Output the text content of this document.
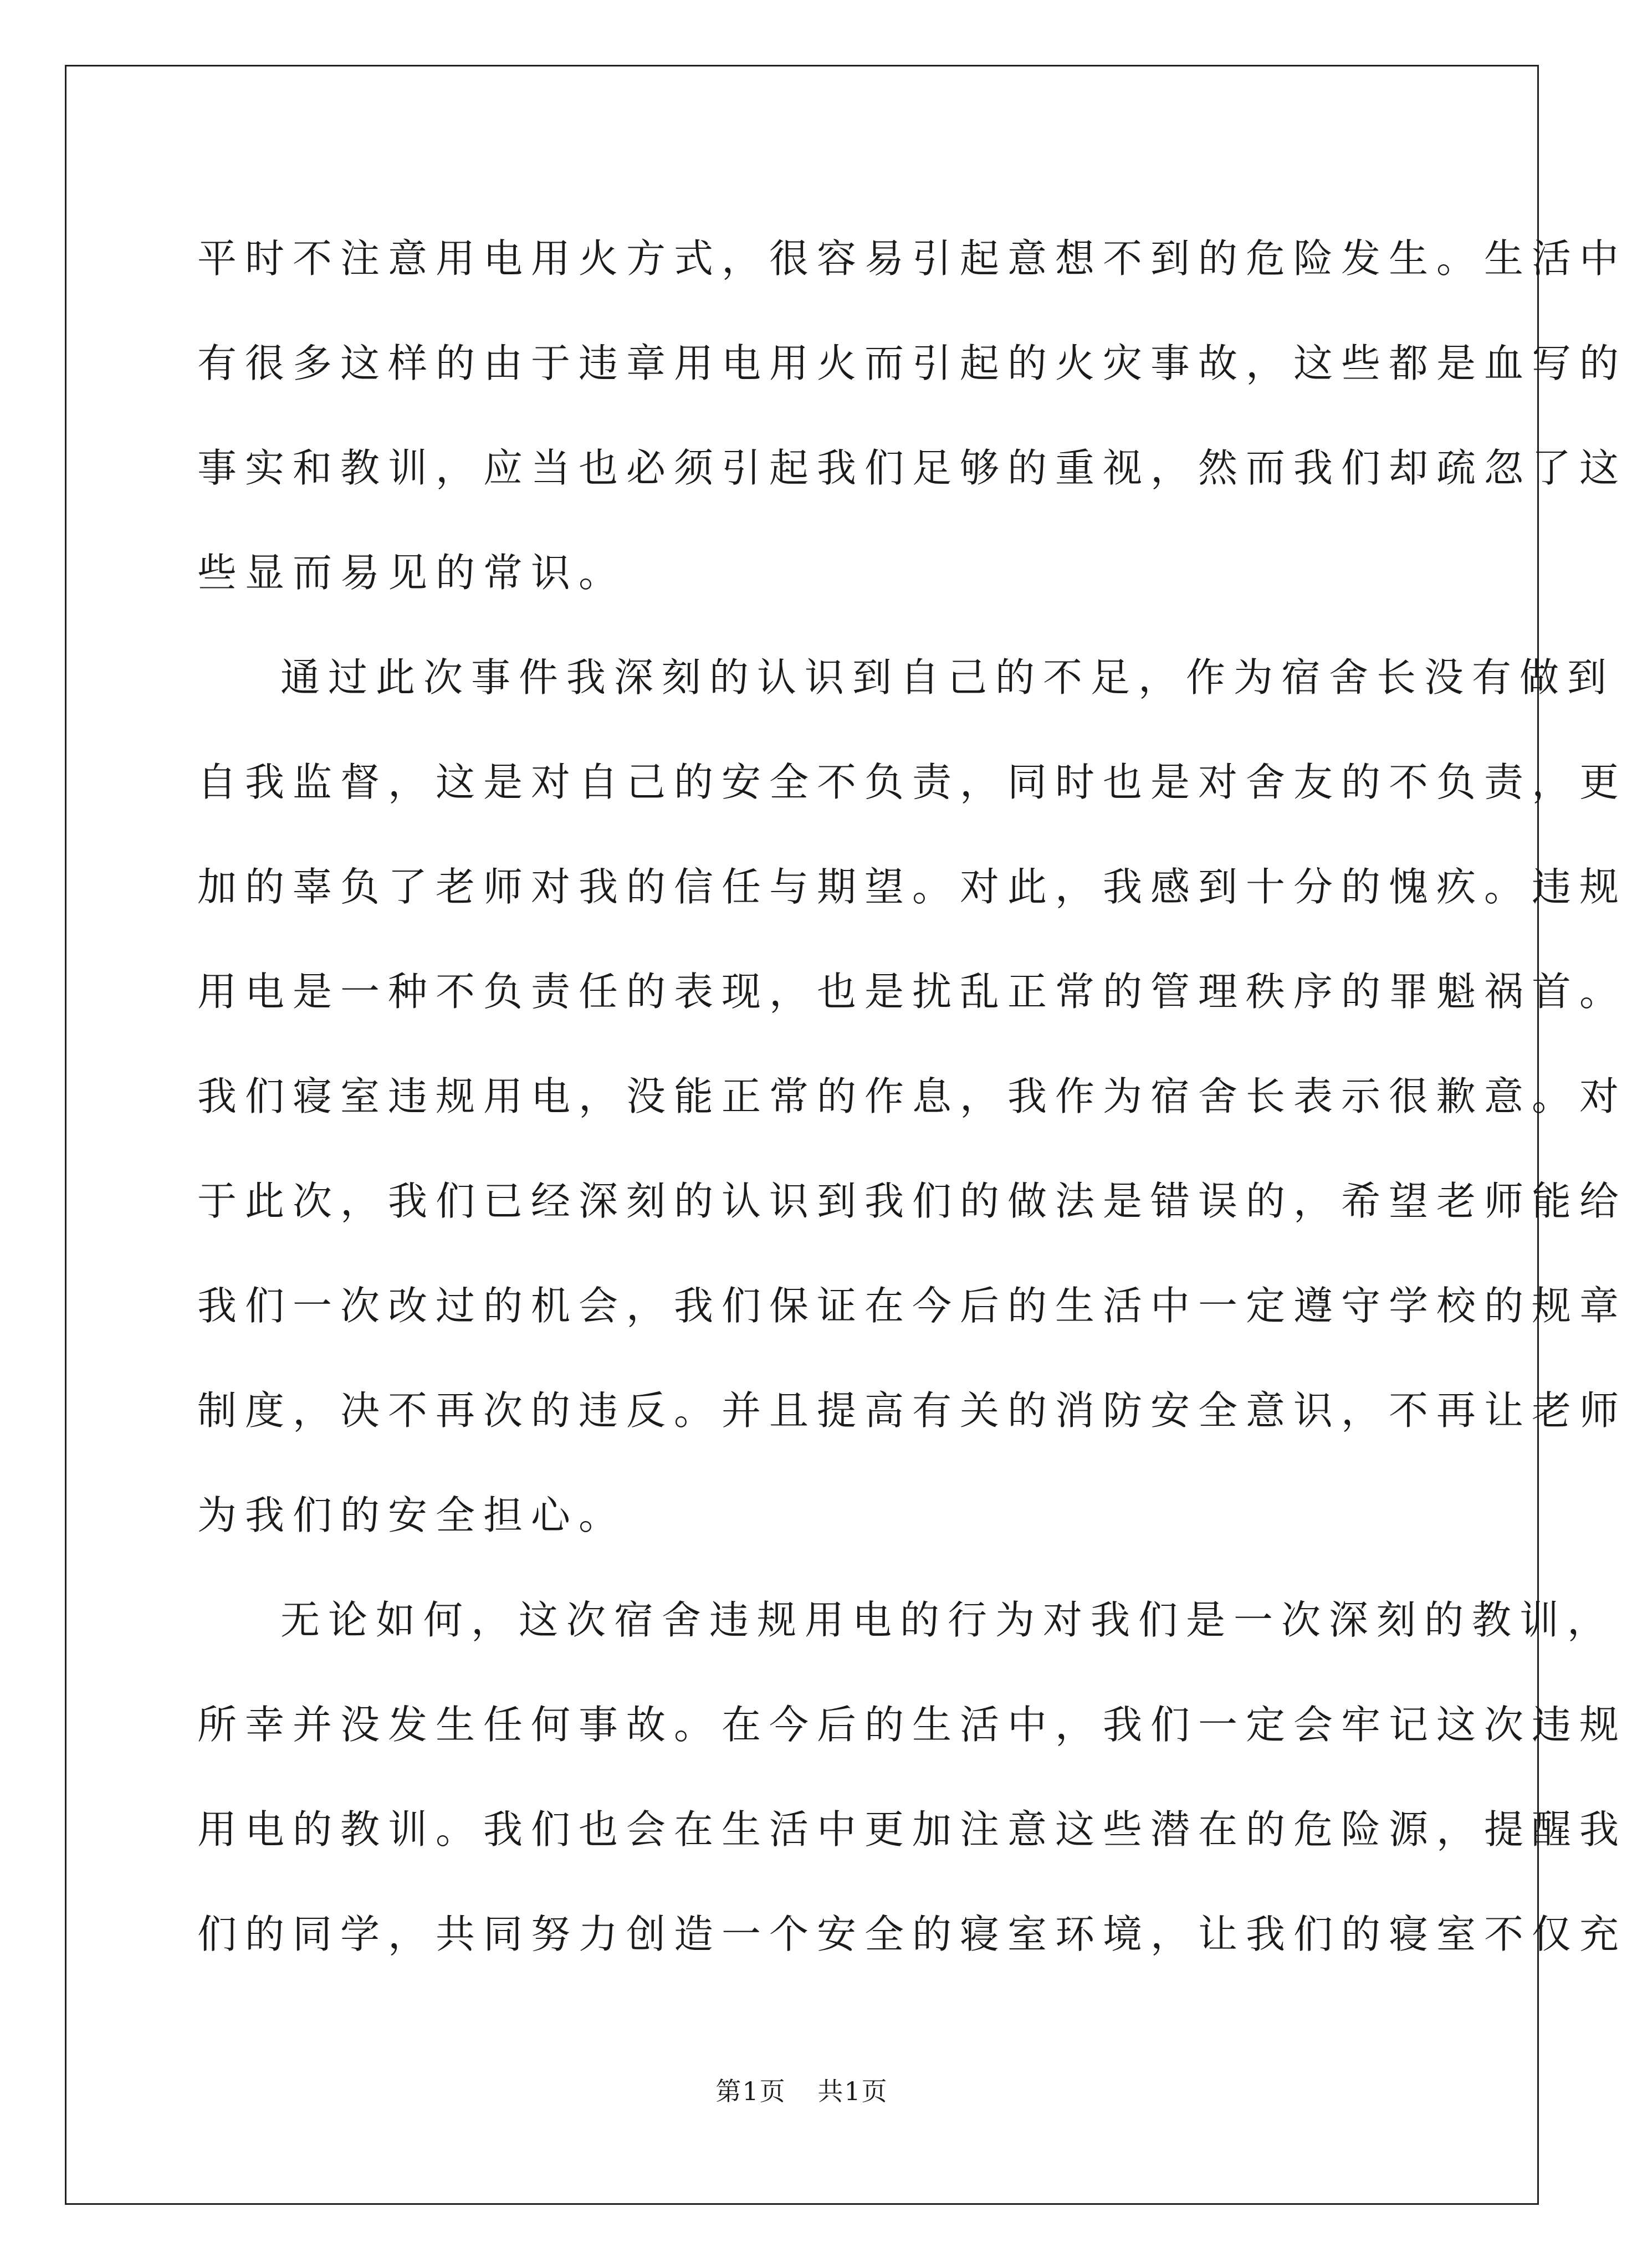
平时不注意用电用火方式，很容易引起意想不到的危险发生。生活中
有很多这样的由于违章用电用火而引起的火灾事故，这些都是血写的
事实和教训，应当也必须引起我们足够的重视，然而我们却疏忽了这
些显而易见的常识。
通过此次事件我深刻的认识到自己的不足，作为宿舍长没有做到
自我监督，这是对自己的安全不负责，同时也是对舍友的不负责，更
加的辜负了老师对我的信任与期望。对此，我感到十分的愧疚。违规
用电是一种不负责任的表现，也是扰乱正常的管理秩序的罪魁祸首。
我们寝室违规用电，没能正常的作息，我作为宿舍长表示很歉意。对
于此次，我们已经深刻的认识到我们的做法是错误的，希望老师能给
我们一次改过的机会，我们保证在今后的生活中一定遵守学校的规章
制度，决不再次的违反。并且提高有关的消防安全意识，不再让老师
为我们的安全担心。
无论如何，这次宿舍违规用电的行为对我们是一次深刻的教训，
所幸并没发生任何事故。在今后的生活中，我们一定会牢记这次违规
用电的教训。我们也会在生活中更加注意这些潜在的危险源，提醒我
们的同学，共同努力创造一个安全的寝室环境，让我们的寝室不仅充
第1页 共1页
